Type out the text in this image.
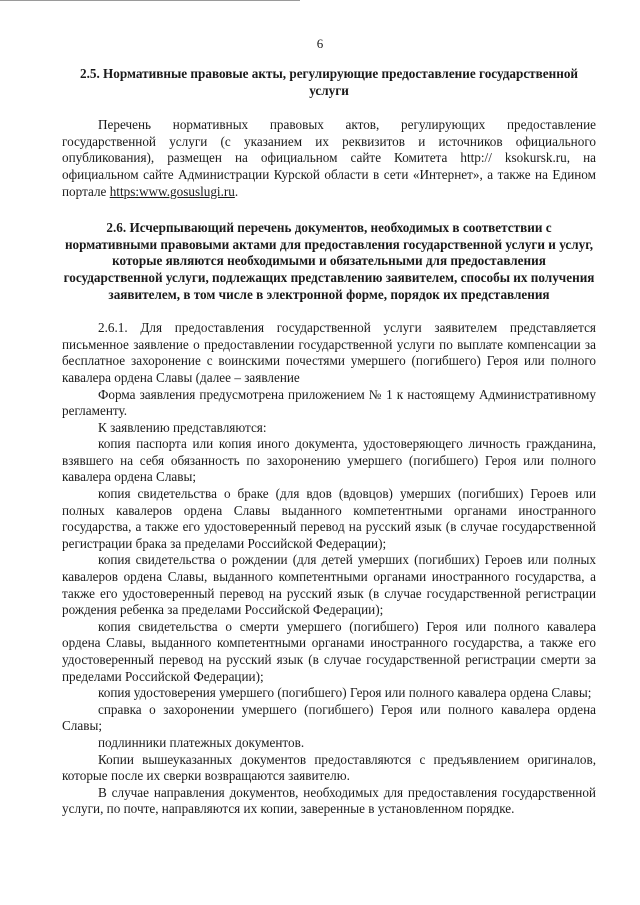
6
2.5. Нормативные правовые акты, регулирующие предоставление государственной услуги

Перечень нормативных правовых актов, регулирующих предоставление государственной услуги (с указанием их реквизитов и источников официального опубликования), размещен на официальном сайте Комитета http:// ksokursk.ru, на официальном сайте Администрации Курской области в сети «Интернет», а также на Едином портале https:www.gosuslugi.ru.

2.6. Исчерпывающий перечень документов, необходимых в соответствии с нормативными правовыми актами для предоставления государственной услуги и услуг, которые являются необходимыми и обязательными для предоставления государственной услуги, подлежащих представлению заявителем, способы их получения заявителем, в том числе в электронной форме, порядок их представления

2.6.1. Для предоставления государственной услуги заявителем представляется письменное заявление о предоставлении государственной услуги по выплате компенсации за бесплатное захоронение с воинскими почестями умершего (погибшего) Героя или полного кавалера ордена Славы (далее – заявление

Форма заявления предусмотрена приложением № 1 к настоящему Административному регламенту.

К заявлению представляются:

копия паспорта или копия иного документа, удостоверяющего личность гражданина, взявшего на себя обязанность по захоронению умершего (погибшего) Героя или полного кавалера ордена Славы;

копия свидетельства о браке (для вдов (вдовцов) умерших (погибших) Героев или полных кавалеров ордена Славы выданного компетентными органами иностранного государства, а также его удостоверенный перевод на русский язык (в случае государственной регистрации брака за пределами Российской Федерации);

копия свидетельства о рождении (для детей умерших (погибших) Героев или полных кавалеров ордена Славы, выданного компетентными органами иностранного государства, а также его удостоверенный перевод на русский язык (в случае государственной регистрации рождения ребенка за пределами Российской Федерации);

копия свидетельства о смерти умершего (погибшего) Героя или полного кавалера ордена Славы, выданного компетентными органами иностранного государства, а также его удостоверенный перевод на русский язык (в случае государственной регистрации смерти за пределами Российской Федерации);

копия удостоверения умершего (погибшего) Героя или полного кавалера ордена Славы;

справка о захоронении умершего (погибшего) Героя или полного кавалера ордена Славы;

подлинники платежных документов.

Копии вышеуказанных документов предоставляются с предъявлением оригиналов, которые после их сверки возвращаются заявителю.

В случае направления документов, необходимых для предоставления государственной услуги, по почте, направляются их копии, заверенные в установленном порядке.
